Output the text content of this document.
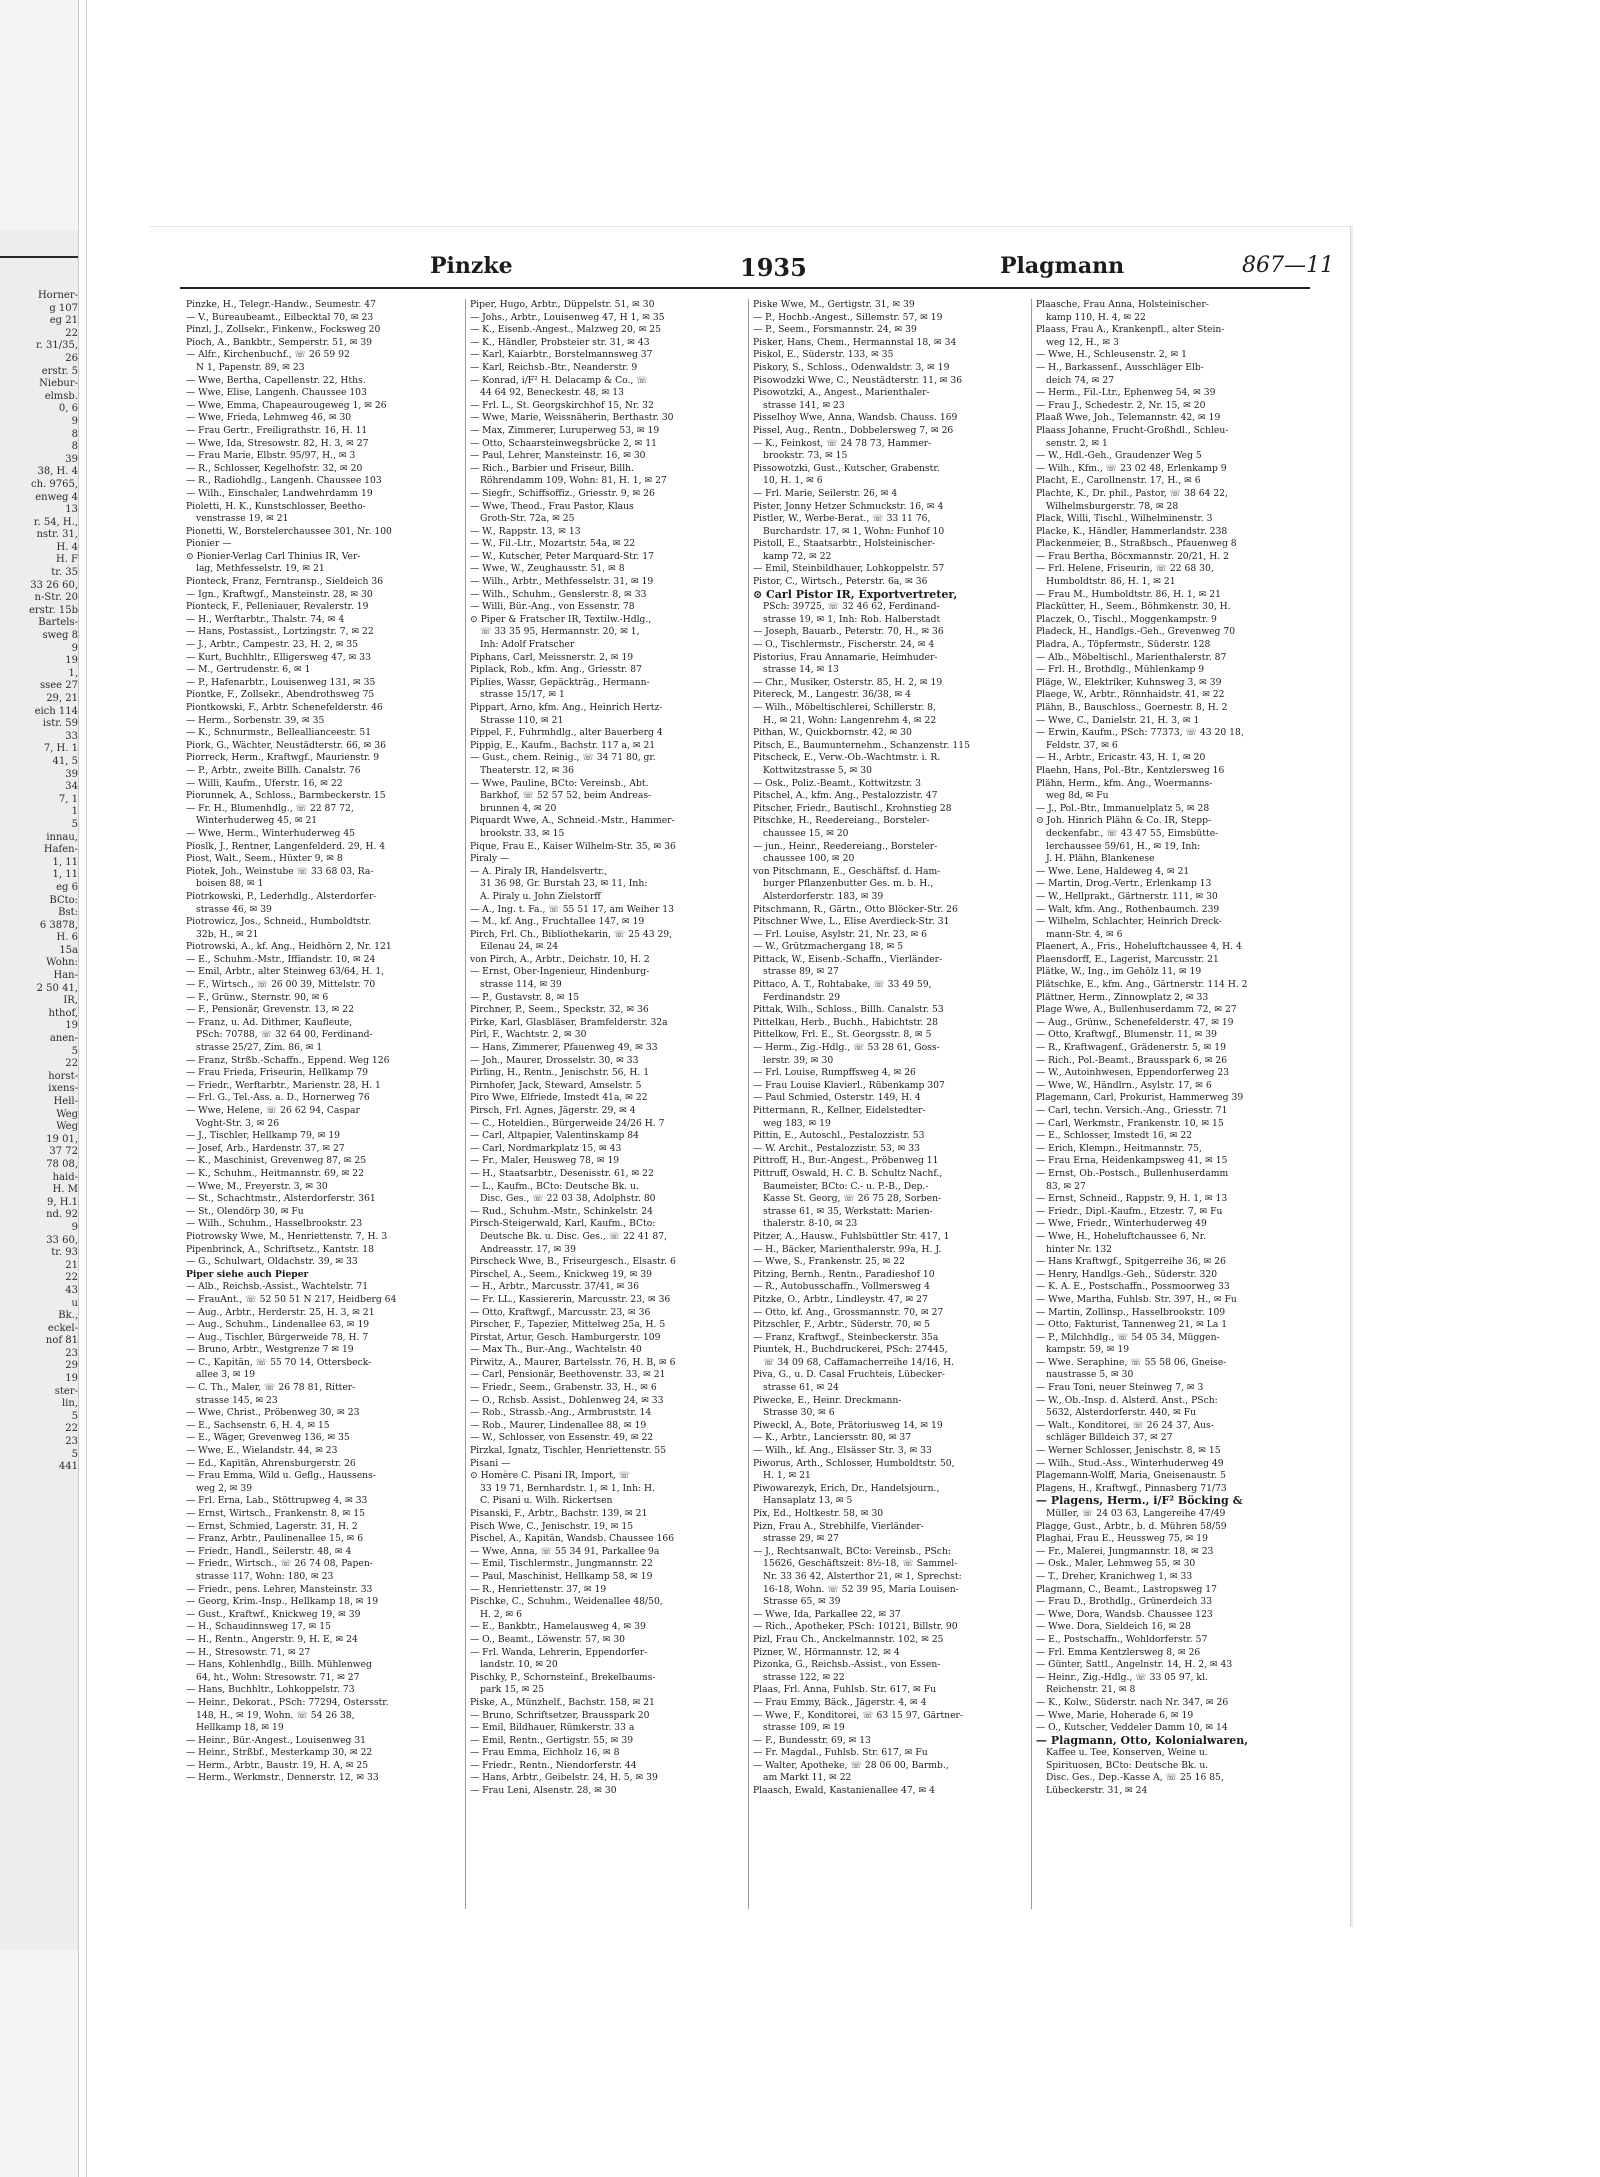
Horner-
g 107
eg 21
22
r. 31/35,
26
erstr. 5
Niebur-
elmsb.
0, 6
9
8
8
39
38, H. 4
ch. 9765,
enweg 4
13
r. 54, H.,
nstr. 31,
H. 4
H. F
tr. 35
33 26 60,
n-Str. 20
erstr. 15b
Bartels-
sweg 8
9
19
1,
ssee 27
29, 21
eich 114
istr. 59
33
7, H. 1
41, 5
39
34
7, 1
1
5
innau,
Hafen-
1, 11
1, 11
eg 6
BCto:
Bst:
6 3878,
H. 6
15a
Wohn:
Han-
2 50 41,
IR,
hthof,
19
anen-
5
22
horst-
ixens-
Hell-
Weg
Weg
19 01,
37 72
78 08,
haid-
H. M
9, H.1
nd. 92
9
33 60,
tr. 93
21
22
43
u
Bk.,
eckel-
nof 81
23
29
19
ster-
lin,
5
22
23
5
441
Pinzke	1935	Plagmann	867—11
Pinzke, H., Telegr.-Handw., Seumestr. 47
— V., Bureaubeamt., Eilbecktal 70, ✉ 23
Pinzl, J., Zollsekr., Finkenw., Focksweg 20
Pioch, A., Bankbtr., Semperstr. 51, ✉ 39
— Alfr., Kirchenbuchf., ☏ 26 59 92
N 1, Papenstr. 89, ✉ 23
— Wwe, Bertha, Capellenstr. 22, Hths.
— Wwe, Elise, Langenh. Chaussee 103
— Wwe, Emma, Chapeaurougeweg 1, ✉ 26
— Wwe, Frieda, Lehmweg 46, ✉ 30
— Frau Gertr., Freiligrathstr. 16, H. 11
— Wwe, Ida, Stresowstr. 82, H. 3, ✉ 27
— Frau Marie, Elbstr. 95/97, H., ✉ 3
— R., Schlosser, Kegelhofstr. 32, ✉ 20
— R., Radiohdlg., Langenh. Chaussee 103
— Wilh., Einschaler, Landwehrdamm 19
Pioletti, H. K., Kunstschlosser, Beetho-
venstrasse 19, ✉ 21
Pionetti, W., Borstelerchaussee 301, Nr. 100
Pionier —
⊙ Pionier-Verlag Carl Thinius IR, Ver-
lag, Methfesselstr. 19, ✉ 21
Pionteck, Franz, Ferntransp., Sieldeich 36
— Ign., Kraftwgf., Mansteinstr. 28, ✉ 30
Pionteck, F., Pelleniauer, Revalerstr. 19
— H., Werftarbtr., Thalstr. 74, ✉ 4
— Hans, Postassist., Lortzingstr. 7, ✉ 22
— J., Arbtr., Campestr. 23, H. 2, ✉ 35
— Kurt, Buchhltr., Elligersweg 47, ✉ 33
— M., Gertrudenstr. 6, ✉ 1
— P., Hafenarbtr., Louisenweg 131, ✉ 35
Piontke, F., Zollsekr., Abendrothsweg 75
Piontkowski, F., Arbtr. Schenefelderstr. 46
— Herm., Sorbenstr. 39, ✉ 35
— K., Schnurmstr., Belleallianceestr. 51
Piork, G., Wächter, Neustädterstr. 66, ✉ 36
Piorreck, Herm., Kraftwgf., Maurienstr. 9
— P., Arbtr., zweite Billh. Canalstr. 76
— Willi, Kaufm., Uferstr. 16, ✉ 22
Piorunnek, A., Schloss., Barmbeckerstr. 15
— Fr. H., Blumenhdlg., ☏ 22 87 72,
Winterhuderweg 45, ✉ 21
— Wwe, Herm., Winterhuderweg 45
Pioslk, J., Rentner, Langenfelderd. 29, H. 4
Piost, Walt., Seem., Hüxter 9, ✉ 8
Piotek, Joh., Weinstube ☏ 33 68 03, Ra-
boisen 88, ✉ 1
Piotrkowski, P., Lederhdlg., Alsterdorfer-
strasse 46, ✉ 39
Piotrowicz, Jos., Schneid., Humboldtstr.
32b, H., ✉ 21
Piotrowski, A., kf. Ang., Heidhörn 2, Nr. 121
— E., Schuhm.-Mstr., Iffiandstr. 10, ✉ 24
— Emil, Arbtr., alter Steinweg 63/64, H. 1,
— F., Wirtsch., ☏ 26 00 39, Mittelstr. 70
— F., Grünw., Sternstr. 90, ✉ 6
— F., Pensionär, Grevenstr. 13, ✉ 22
— Franz, u. Ad. Dithmer, Kaufleute,
PSch: 70788, ☏ 32 64 00, Ferdinand-
strasse 25/27, Zim. 86, ✉ 1
— Franz, Strßb.-Schaffn., Eppend. Weg 126
— Frau Frieda, Friseurin, Hellkamp 79
— Friedr., Werftarbtr., Marienstr. 28, H. 1
— Frl. G., Tel.-Ass. a. D., Hornerweg 76
— Wwe, Helene, ☏ 26 62 94, Caspar
Voght-Str. 3, ✉ 26
— J., Tischler, Hellkamp 79, ✉ 19
— Josef, Arb., Hardenstr. 37, ✉ 27
— K., Maschinist, Grevenweg 87, ✉ 25
— K., Schuhm., Heitmannstr. 69, ✉ 22
— Wwe, M., Freyerstr. 3, ✉ 30
— St., Schachtmstr., Alsterdorferstr. 361
— St., Olendörp 30, ✉ Fu
— Wilh., Schuhm., Hasselbrookstr. 23
Piotrowsky Wwe, M., Henriettenstr. 7, H. 3
Pipenbrinck, A., Schriftsetz., Kantstr. 18
— G., Schulwart, Oldachstr. 39, ✉ 33
Piper siehe auch Pieper
— Alb., Reichsb.-Assist., Wachtelstr. 71
— FrauAnt., ☏ 52 50 51 N 217, Heidberg 64
— Aug., Arbtr., Herderstr. 25, H. 3, ✉ 21
— Aug., Schuhm., Lindenallee 63, ✉ 19
— Aug., Tischler, Bürgerweide 78, H. 7
— Bruno, Arbtr., Westgrenze 7 ✉ 19
— C., Kapitän, ☏ 55 70 14, Ottersbeck-
allee 3, ✉ 19
— C. Th., Maler, ☏ 26 78 81, Ritter-
strasse 145, ✉ 23
— Wwe, Christ., Pröbenweg 30, ✉ 23
— E., Sachsenstr. 6, H. 4, ✉ 15
— E., Wäger, Grevenweg 136, ✉ 35
— Wwe, E., Wielandstr. 44, ✉ 23
— Ed., Kapitän, Ahrensburgerstr. 26
— Frau Emma, Wild u. Geflg., Haussens-
weg 2, ✉ 39
— Frl. Erna, Lab., Stöttrupweg 4, ✉ 33
— Ernst, Wirtsch., Frankenstr. 8, ✉ 15
— Ernst, Schmied, Lagerstr. 31, H. 2
— Franz, Arbtr., Paulinenallee 15, ✉ 6
— Friedr., Handl., Seilerstr. 48, ✉ 4
— Friedr., Wirtsch., ☏ 26 74 08, Papen-
strasse 117, Wohn: 180, ✉ 23
— Friedr., pens. Lehrer, Mansteinstr. 33
— Georg, Krim.-Insp., Hellkamp 18, ✉ 19
— Gust., Kraftwf., Knickweg 19, ✉ 39
— H., Schaudinnsweg 17, ✉ 15
— H., Rentn., Angerstr. 9, H. E, ✉ 24
— H., Stresowstr. 71, ✉ 27
— Hans, Kohlenhdlg., Billh. Mühlenweg
64, ht., Wohn: Stresowstr. 71, ✉ 27
— Hans, Buchhltr., Lohkoppelstr. 73
— Heinr., Dekorat., PSch: 77294, Ostersstr.
148, H., ✉ 19, Wohn. ☏ 54 26 38,
Hellkamp 18, ✉ 19
— Heinr., Bür.-Angest., Louisenweg 31
— Heinr., Strßbf., Mesterkamp 30, ✉ 22
— Herm., Arbtr., Baustr. 19, H. A, ✉ 25
— Herm., Werkmstr., Dennerstr. 12, ✉ 33
Piper, Hugo, Arbtr., Düppelstr. 51, ✉ 30
— Johs., Arbtr., Louisenweg 47, H 1, ✉ 35
— K., Eisenb.-Angest., Malzweg 20, ✉ 25
— K., Händler, Probsteier str. 31, ✉ 43
— Karl, Kaiarbtr., Borstelmannsweg 37
— Karl, Reichsb.-Btr., Neanderstr. 9
— Konrad, i/F² H. Delacamp & Co., ☏
44 64 92, Beneckestr. 48, ✉ 13
— Frl. L., St. Georgskirchhof 15, Nr. 32
— Wwe, Marie, Weissnäherin, Berthastr. 30
— Max, Zimmerer, Luruperweg 53, ✉ 19
— Otto, Schaarsteinwegsbrücke 2, ✉ 11
— Paul, Lehrer, Mansteinstr. 16, ✉ 30
— Rich., Barbier und Friseur, Billh.
Röhrendamm 109, Wohn: 81, H. 1, ✉ 27
— Siegfr., Schiffsoffiz., Griesstr. 9, ✉ 26
— Wwe, Theod., Frau Pastor, Klaus
Groth-Str. 72a, ✉ 25
— W., Rappstr. 13, ✉ 13
— W., Fil.-Ltr., Mozartstr. 54a, ✉ 22
— W., Kutscher, Peter Marquard-Str. 17
— Wwe, W., Zeughausstr. 51, ✉ 8
— Wilh., Arbtr., Methfesselstr. 31, ✉ 19
— Wilh., Schuhm., Genslerstr. 8, ✉ 33
— Willi, Bür.-Ang., von Essenstr. 78
⊙ Piper & Fratscher IR, Textilw.-Hdlg.,
☏ 33 35 95, Hermannstr. 20, ✉ 1,
Inh: Adolf Fratscher
Piphans, Carl, Meissnerstr. 2, ✉ 19
Piplack, Rob., kfm. Ang., Griesstr. 87
Piplies, Wassr, Gepäckträg., Hermann-
strasse 15/17, ✉ 1
Pippart, Arno, kfm. Ang., Heinrich Hertz-
Strasse 110, ✉ 21
Pippel, F., Fuhrmhdlg., alter Bauerberg 4
Pippig, E., Kaufm., Bachstr. 117 a, ✉ 21
— Gust., chem. Reinig., ☏ 34 71 80, gr.
Theaterstr. 12, ✉ 36
— Wwe, Pauline, BCto: Vereinsb., Abt.
Barkhof, ☏ 52 57 52, beim Andreas-
brunnen 4, ✉ 20
Piquardt Wwe, A., Schneid.-Mstr., Hammer-
brookstr. 33, ✉ 15
Pique, Frau E., Kaiser Wilhelm-Str. 35, ✉ 36
Piraly —
— A. Piraly IR, Handelsvertr.,
31 36 98, Gr. Burstah 23, ✉ 11, Inh:
A. Piraly u. John Zielstorff
— A., Ing. t. Fa., ☏ 55 51 17, am Weiher 13
— M., kf. Ang., Fruchtallee 147, ✉ 19
Pirch, Frl. Ch., Bibliothekarin, ☏ 25 43 29,
Eilenau 24, ✉ 24
von Pirch, A., Arbtr., Deichstr. 10, H. 2
— Ernst, Ober-Ingenieur, Hindenburg-
strasse 114, ✉ 39
— P., Gustavstr. 8, ✉ 15
Pirchner, P., Seem., Speckstr. 32, ✉ 36
Pirke, Karl, Glasbläser, Bramfelderstr. 32a
Pirl, F., Wachtstr. 2, ✉ 30
— Hans, Zimmerer, Pfauenweg 49, ✉ 33
— Joh., Maurer, Drosselstr. 30, ✉ 33
Pirling, H., Rentn., Jenischstr. 56, H. 1
Pirnhofer, Jack, Steward, Amselstr. 5
Piro Wwe, Elfriede, Imstedt 41a, ✉ 22
Pirsch, Frl. Agnes, Jägerstr. 29, ✉ 4
— C., Hoteldien., Bürgerweide 24/26 H. 7
— Carl, Altpapier, Valentinskamp 84
— Carl, Nordmarkplatz 15, ✉ 43
— Fr., Maler, Heusweg 78, ✉ 19
— H., Staatsarbtr., Desenisstr. 61, ✉ 22
— L., Kaufm., BCto: Deutsche Bk. u.
Disc. Ges., ☏ 22 03 38, Adolphstr. 80
— Rud., Schuhm.-Mstr., Schinkelstr. 24
Pirsch-Steigerwald, Karl, Kaufm., BCto:
Deutsche Bk. u. Disc. Ges., ☏ 22 41 87,
Andreasstr. 17, ✉ 39
Pirscheck Wwe, B., Friseurgesch., Elsastr. 6
Pirschel, A., Seem., Knickweg 19, ✉ 39
— H., Arbtr., Marcusstr. 37/41, ✉ 36
— Fr. LL., Kassiererin, Marcusstr. 23, ✉ 36
— Otto, Kraftwgf., Marcusstr. 23, ✉ 36
Pirscher, F., Tapezier, Mittelweg 25a, H. 5
Pirstat, Artur, Gesch. Hamburgerstr. 109
— Max Th., Bur.-Ang., Wachtelstr. 40
Pirwitz, A., Maurer, Bartelsstr. 76, H. B, ✉ 6
— Carl, Pensionär, Beethovenstr. 33, ✉ 21
— Friedr., Seem., Grabenstr. 33, H., ✉ 6
— O., Rchsb. Assist., Dohlenweg 24, ✉ 33
— Rob., Strassb.-Ang., Armbruststr. 14
— Rob., Maurer, Lindenallee 88, ✉ 19
— W., Schlosser, von Essenstr. 49, ✉ 22
Pirzkal, Ignatz, Tischler, Henriettenstr. 55
Pisani —
⊙ Homère C. Pisani IR, Import, ☏
33 19 71, Bernhardstr. 1, ✉ 1, Inh: H.
C. Pisani u. Wilh. Rickertsen
Pisanski, F., Arbtr., Bachstr. 139, ✉ 21
Pisch Wwe, C., Jenischstr. 19, ✉ 15
Pischel, A., Kapitän, Wandsb. Chaussee 166
— Wwe, Anna, ☏ 55 34 91, Parkallee 9a
— Emil, Tischlermstr., Jungmannstr. 22
— Paul, Maschinist, Hellkamp 58, ✉ 19
— R., Henriettenstr. 37, ✉ 19
Pischke, C., Schuhm., Weidenallee 48/50,
H. 2, ✉ 6
— E., Bankbtr., Hamelausweg 4, ✉ 39
— O., Beamt., Löwenstr. 57, ✉ 30
— Frl. Wanda, Lehrerin, Eppendorfer-
landstr. 10, ✉ 20
Pischky, P., Schornsteinf., Brekelbaums-
park 15, ✉ 25
Piske, A., Münzhelf., Bachstr. 158, ✉ 21
— Bruno, Schriftsetzer, Brausspark 20
— Emil, Bildhauer, Rümkerstr. 33 a
— Emil, Rentn., Gertigstr. 55, ✉ 39
— Frau Emma, Eichholz 16, ✉ 8
— Friedr., Rentn., Niendorferstr. 44
— Hans, Arbtr., Geibelstr. 24, H. 5, ✉ 39
— Frau Leni, Alsenstr. 28, ✉ 30
Piske Wwe, M., Gertigstr. 31, ✉ 39
— P., Hochb.-Angest., Sillemstr. 57, ✉ 19
— P., Seem., Forsmannstr. 24, ✉ 39
Pisker, Hans, Chem., Hermannstal 18, ✉ 34
Piskol, E., Süderstr. 133, ✉ 35
Piskory, S., Schloss., Odenwaldstr. 3, ✉ 19
Pisowodzki Wwe, C., Neustädterstr. 11, ✉ 36
Pisowotzki, A., Angest., Marienthaler-
strasse 141, ✉ 23
Pisselhoy Wwe, Anna, Wandsb. Chauss. 169
Pissel, Aug., Rentn., Dobbelersweg 7, ✉ 26
— K., Feinkost, ☏ 24 78 73, Hammer-
brookstr. 73, ✉ 15
Pissowotzki, Gust., Kutscher, Grabenstr.
10, H. 1, ✉ 6
— Frl. Marie, Seilerstr. 26, ✉ 4
Pister, Jonny Hetzer Schmuckstr. 16, ✉ 4
Pistler, W., Werbe-Berat., ☏ 33 11 76,
Burchardstr. 17, ✉ 1, Wohn: Funhof 10
Pistoll, E., Staatsarbtr., Holsteinischer-
kamp 72, ✉ 22
— Emil, Steinbildhauer, Lohkoppelstr. 57
Pistor, C., Wirtsch., Peterstr. 6a, ✉ 36
⊙ Carl Pistor IR, Exportvertreter,
PSch: 39725, ☏ 32 46 62, Ferdinand-
strasse 19, ✉ 1, Inh: Rob. Halberstadt
— Joseph, Bauarb., Peterstr. 70, H., ✉ 36
— O., Tischlermstr., Fischerstr. 24, ✉ 4
Pistorius, Frau Annamarie, Heimhuder-
strasse 14, ✉ 13
— Chr., Musiker, Osterstr. 85, H. 2, ✉ 19
Pitereck, M., Langestr. 36/38, ✉ 4
— Wilh., Möbeltischlerei, Schillerstr. 8,
H., ✉ 21, Wohn: Langenrehm 4, ✉ 22
Pithan, W., Quickbornstr. 42, ✉ 30
Pitsch, E., Baumunternehm., Schanzenstr. 115
Pitscheck, E., Verw.-Ob.-Wachtmstr. i. R.
Kottwitzstrasse 5, ✉ 30
— Osk., Poliz.-Beamt., Kottwitzstr. 3
Pitschel, A., kfm. Ang., Pestalozzistr. 47
Pitscher, Friedr., Bautischl., Krohnstieg 28
Pitschke, H., Reedereiang., Borsteler-
chaussee 15, ✉ 20
— jun., Heinr., Reedereiang., Borsteler-
chaussee 100, ✉ 20
von Pitschmann, E., Geschäftsf. d. Ham-
burger Pflanzenbutter Ges. m. b. H.,
Alsterdorferstr. 183, ✉ 39
Pitschmann, R., Gärtn., Otto Blöcker-Str. 26
Pitschner Wwe, L., Elise Averdieck-Str. 31
— Frl. Louise, Asylstr. 21, Nr. 23, ✉ 6
— W., Grützmachergang 18, ✉ 5
Pittack, W., Eisenb.-Schaffn., Vierländer-
strasse 89, ✉ 27
Pittaco, A. T., Rohtabake, ☏ 33 49 59,
Ferdinandstr. 29
Pittak, Wilh., Schloss., Billh. Canalstr. 53
Pittelkau, Herb., Buchh., Habichtstr. 28
Pittelkow, Frl. E., St. Georgsstr. 8, ✉ 5
— Herm., Zig.-Hdlg., ☏ 53 28 61, Goss-
lerstr. 39, ✉ 30
— Frl. Louise, Rumpffsweg 4, ✉ 26
— Frau Louise Klavierl., Rübenkamp 307
— Paul Schmied, Osterstr. 149, H. 4
Pittermann, R., Kellner, Eidelstedter-
weg 183, ✉ 19
Pittin, E., Autoschl., Pestalozzistr. 53
— W. Archit., Pestalozzistr. 53, ✉ 33
Pittroff, H., Bur.-Angest., Pröbenweg 11
Pittruff, Oswald, H. C. B. Schultz Nachf.,
Baumeister, BCto: C.- u. P.-B., Dep.-
Kasse St. Georg, ☏ 26 75 28, Sorben-
strasse 61, ✉ 35, Werkstatt: Marien-
thalerstr. 8-10, ✉ 23
Pitzer, A., Hausw., Fuhlsbüttler Str. 417, 1
— H., Bäcker, Marienthalerstr. 99a, H. J.
— Wwe, S., Frankenstr. 25, ✉ 22
Pitzing, Bernh., Rentn., Paradieshof 10
— R., Autobusschaffn., Vollmersweg 4
Pitzke, O., Arbtr., Lindleystr. 47, ✉ 27
— Otto, kf. Ang., Grossmannstr. 70, ✉ 27
Pitzschler, F., Arbtr., Süderstr. 70, ✉ 5
— Franz, Kraftwgf., Steinbeckerstr. 35a
Piuntek, H., Buchdruckerei, PSch: 27445,
☏ 34 09 68, Caffamacherreihe 14/16, H.
Piva, G., u. D. Casal Fruchteis, Lübecker-
strasse 61, ✉ 24
Piwecke, E., Heinr. Dreckmann-
Strasse 30, ✉ 6
Piweckl, A., Bote, Prätoriusweg 14, ✉ 19
— K., Arbtr., Lanciersstr. 80, ✉ 37
— Wilh., kf. Ang., Elsässer Str. 3, ✉ 33
Piworus, Arth., Schlosser, Humboldtstr. 50,
H. 1, ✉ 21
Piwowarezyk, Erich, Dr., Handelsjourn.,
Hansaplatz 13, ✉ 5
Pix, Ed., Holtkestr. 58, ✉ 30
Pizn, Frau A., Strebhilfe, Vierländer-
strasse 29, ✉ 27
— J., Rechtsanwalt, BCto: Vereinsb., PSch:
15626, Geschäftszeit: 8½-18, ☏ Sammel-
Nr. 33 36 42, Alsterthor 21, ✉ 1, Sprechst:
16-18, Wohn. ☏ 52 39 95, Maria Louisen-
Strasse 65, ✉ 39
— Wwe, Ida, Parkallee 22, ✉ 37
— Rich., Apotheker, PSch: 10121, Billstr. 90
Pizl, Frau Ch., Anckelmannstr. 102, ✉ 25
Pizner, W., Hörmannstr. 12, ✉ 4
Pizonka, G., Reichsb.-Assist., von Essen-
strasse 122, ✉ 22
Plaas, Frl. Anna, Fuhlsb. Str. 617, ✉ Fu
— Frau Emmy, Bäck., Jägerstr. 4, ✉ 4
— Wwe, F., Konditorei, ☏ 63 15 97, Gärtner-
strasse 109, ✉ 19
— F., Bundesstr. 69, ✉ 13
— Fr. Magdal., Fuhlsb. Str. 617, ✉ Fu
— Walter, Apotheke, ☏ 28 06 00, Barmb.,
am Markt 11, ✉ 22
Plaasch, Ewald, Kastanienallee 47, ✉ 4
Plaasche, Frau Anna, Holsteinischer-
kamp 110, H. 4, ✉ 22
Plaass, Frau A., Krankenpfl., alter Stein-
weg 12, H., ✉ 3
— Wwe, H., Schleusenstr. 2, ✉ 1
— H., Barkassenf., Ausschläger Elb-
deich 74, ✉ 27
— Herm., Fil.-Ltr., Ephenweg 54, ✉ 39
— Frau J., Schedestr. 2, Nr. 15, ✉ 20
Plaaß Wwe, Joh., Telemannstr. 42, ✉ 19
Plaass Johanne, Frucht-Großhdl., Schleu-
senstr. 2, ✉ 1
— W., Hdl.-Geh., Graudenzer Weg 5
— Wilh., Kfm., ☏ 23 02 48, Erlenkamp 9
Placht, E., Carollnenstr. 17, H., ✉ 6
Plachte, K., Dr. phil., Pastor, ☏ 38 64 22,
Wilhelmsburgerstr. 78, ✉ 28
Plack, Willi, Tischl., Wilhelminenstr. 3
Placke, K., Händler, Hammerlandstr. 238
Plackenmeier, B., Straßbsch., Pfauenweg 8
— Frau Bertha, Böcxmannstr. 20/21, H. 2
— Frl. Helene, Friseurin, ☏ 22 68 30,
Humboldtstr. 86, H. 1, ✉ 21
— Frau M., Humboldtstr. 86, H. 1, ✉ 21
Plackütter, H., Seem., Böhmkenstr. 30, H.
Placzek, O., Tischl., Moggenkampstr. 9
Pladeck, H., Handlgs.-Geh., Grevenweg 70
Pladra, A., Töpfermstr., Süderstr. 128
— Alb., Möbeltischl., Marienthalerstr. 87
— Frl. H., Brothdlg., Mühlenkamp 9
Pläge, W., Elektriker, Kuhnsweg 3, ✉ 39
Plaege, W., Arbtr., Rönnhaidstr. 41, ✉ 22
Plähn, B., Bauschloss., Goernestr. 8, H. 2
— Wwe, C., Danielstr. 21, H. 3, ✉ 1
— Erwin, Kaufm., PSch: 77373, ☏ 43 20 18,
Feldstr. 37, ✉ 6
— H., Arbtr., Ericastr. 43, H. 1, ✉ 20
Plaehn, Hans, Pol.-Btr., Kentzlersweg 16
Plähn, Herm., kfm. Ang., Woermanns-
weg 8d, ✉ Fu
— J., Pol.-Btr., Immanuelplatz 5, ✉ 28
⊙ Joh. Hinrich Plähn & Co. IR, Stepp-
deckenfabr., ☏ 43 47 55, Eimsbütte-
lerchaussee 59/61, H., ✉ 19, Inh:
J. H. Plähn, Blankenese
— Wwe. Lene, Haldeweg 4, ✉ 21
— Martin, Drog.-Vertr., Erlenkamp 13
— W., Hellprakt., Gärtnerstr. 111, ✉ 30
— Walt, kfm. Ang., Rothenbaumch. 239
— Wilhelm, Schlachter, Heinrich Dreck-
mann-Str. 4, ✉ 6
Plaenert, A., Fris., Hoheluftchaussee 4, H. 4
Plaensdorff, E., Lagerist, Marcusstr. 21
Plätke, W., Ing., im Gehölz 11, ✉ 19
Plätschke, E., kfm. Ang., Gärtnerstr. 114 H. 2
Plättner, Herm., Zinnowplatz 2, ✉ 33
Plage Wwe, A., Bullenhuserdamm 72, ✉ 27
— Aug., Grünw., Schenefelderstr. 47, ✉ 19
— Otto, Kraftwgf., Blumenstr. 11, ✉ 39
— R., Kraftwagenf., Grädenerstr. 5, ✉ 19
— Rich., Pol.-Beamt., Brausspark 6, ✉ 26
— W., Autoinhwesen, Eppendorferweg 23
— Wwe, W., Händlrn., Asylstr. 17, ✉ 6
Plagemann, Carl, Prokurist, Hammerweg 39
— Carl, techn. Versich.-Ang., Griesstr. 71
— Carl, Werkmstr., Frankenstr. 10, ✉ 15
— E., Schlosser, Imstedt 16, ✉ 22
— Erich, Klempn., Heitmannstr. 75,
— Frau Erna, Heidenkampsweg 41, ✉ 15
— Ernst, Ob.-Postsch., Bullenhuserdamm
83, ✉ 27
— Ernst, Schneid., Rappstr. 9, H. 1, ✉ 13
— Friedr., Dipl.-Kaufm., Etzestr. 7, ✉ Fu
— Wwe, Friedr., Winterhuderweg 49
— Wwe, H., Hoheluftchaussee 6, Nr.
hinter Nr. 132
— Hans Kraftwgf., Spitgerreihe 36, ✉ 26
— Henry, Handlgs.-Geh., Süderstr. 320
— K. A. E., Postschaffn., Possmoorweg 33
— Wwe, Martha, Fuhlsb. Str. 397, H., ✉ Fu
— Martin, Zollinsp., Hasselbrookstr. 109
— Otto, Fakturist, Tannenweg 21, ✉ La 1
— P., Milchhdlg., ☏ 54 05 34, Müggen-
kampstr. 59, ✉ 19
— Wwe. Seraphine, ☏ 55 58 06, Gneise-
naustrasse 5, ✉ 30
— Frau Toni, neuer Steinweg 7, ✉ 3
— W., Ob.-Insp. d. Alsterd. Anst., PSch:
5632, Alsterdorferstr. 440, ✉ Fu
— Walt., Konditorei, ☏ 26 24 37, Aus-
schläger Billdeich 37, ✉ 27
— Werner Schlosser, Jenischstr. 8, ✉ 15
— Wilh., Stud.-Ass., Winterhuderweg 49
Plagemann-Wolff, Maria, Gneisenaustr. 5
Plagens, H., Kraftwgf., Pinnasberg 71/73
— Plagens, Herm., i/F² Böcking &
Müller, ☏ 24 03 63, Langereihe 47/49
Plagge, Gust., Arbtr., b. d. Mühren 58/59
Plaghai, Frau E., Heussweg 75, ✉ 19
— Fr., Malerei, Jungmannstr. 18, ✉ 23
— Osk., Maler, Lehmweg 55, ✉ 30
— T., Dreher, Kranichweg 1, ✉ 33
Plagmann, C., Beamt., Lastropsweg 17
— Frau D., Brothdlg., Grünerdeich 33
— Wwe, Dora, Wandsb. Chaussee 123
— Wwe. Dora, Sieldeich 16, ✉ 28
— E., Postschaffn., Wohldorferstr. 57
— Frl. Emma Kentzlersweg 8, ✉ 26
— Günter, Sattl., Angelnstr. 14, H. 2, ✉ 43
— Heinr., Zig.-Hdlg., ☏ 33 05 97, kl.
Reichenstr. 21, ✉ 8
— K., Kolw., Süderstr. nach Nr. 347, ✉ 26
— Wwe, Marie, Hoherade 6, ✉ 19
— O., Kutscher, Veddeler Damm 10, ✉ 14
— Plagmann, Otto, Kolonialwaren,
Kaffee u. Tee, Konserven, Weine u.
Spirituosen, BCto: Deutsche Bk. u.
Disc. Ges., Dep.-Kasse A, ☏ 25 16 85,
Lübeckerstr. 31, ✉ 24
